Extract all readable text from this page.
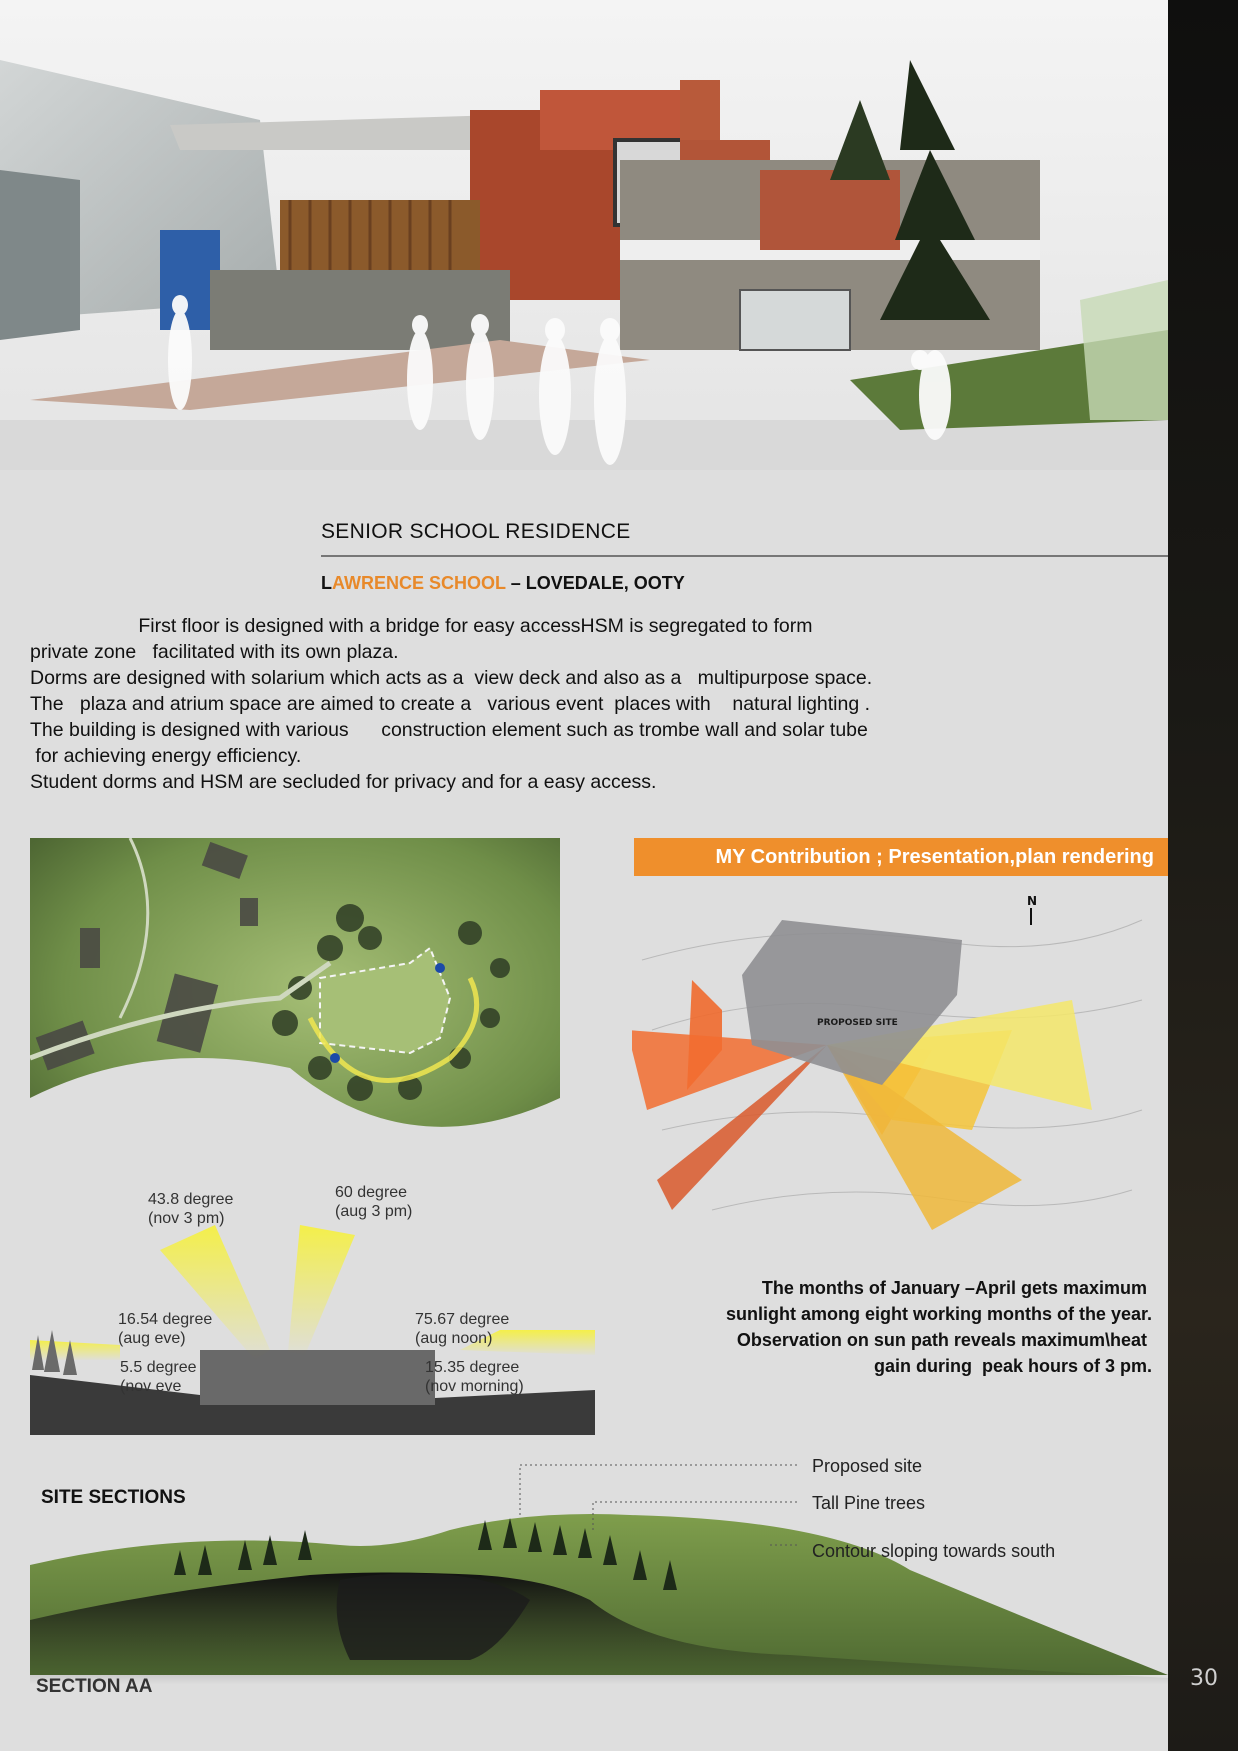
SENIOR SCHOOL RESIDENCE
LAWRENCE SCHOOL – LOVEDALE, OOTY

First floor is designed with a bridge for easy accessHSM is segregated to form

private zone   facilitated with its own plaza.

Dorms are designed with solarium which acts as a  view deck and also as a   multipurpose space.

The   plaza and atrium space are aimed to create a   various event  places with    natural lighting .

The building is designed with various      construction element such as trombe wall and solar tube

for achieving energy efficiency.

Student dorms and HSM are secluded for privacy and for a easy access.

MY Contribution ; Presentation,plan rendering
PROPOSED SITE
N
43.8 degree
(nov 3 pm)
60 degree
(aug 3 pm)
16.54 degree
(aug eve)
5.5 degree
(nov eve
75.67 degree
(aug noon)
15.35 degree
(nov morning)

The months of January –April gets maximum

sunlight among eight working months of the year.

Observation on sun path reveals maximum\heat

gain during  peak hours of 3 pm.

SITE SECTIONS
Proposed site
Tall Pine trees
Contour sloping towards south
SECTION AA	30
